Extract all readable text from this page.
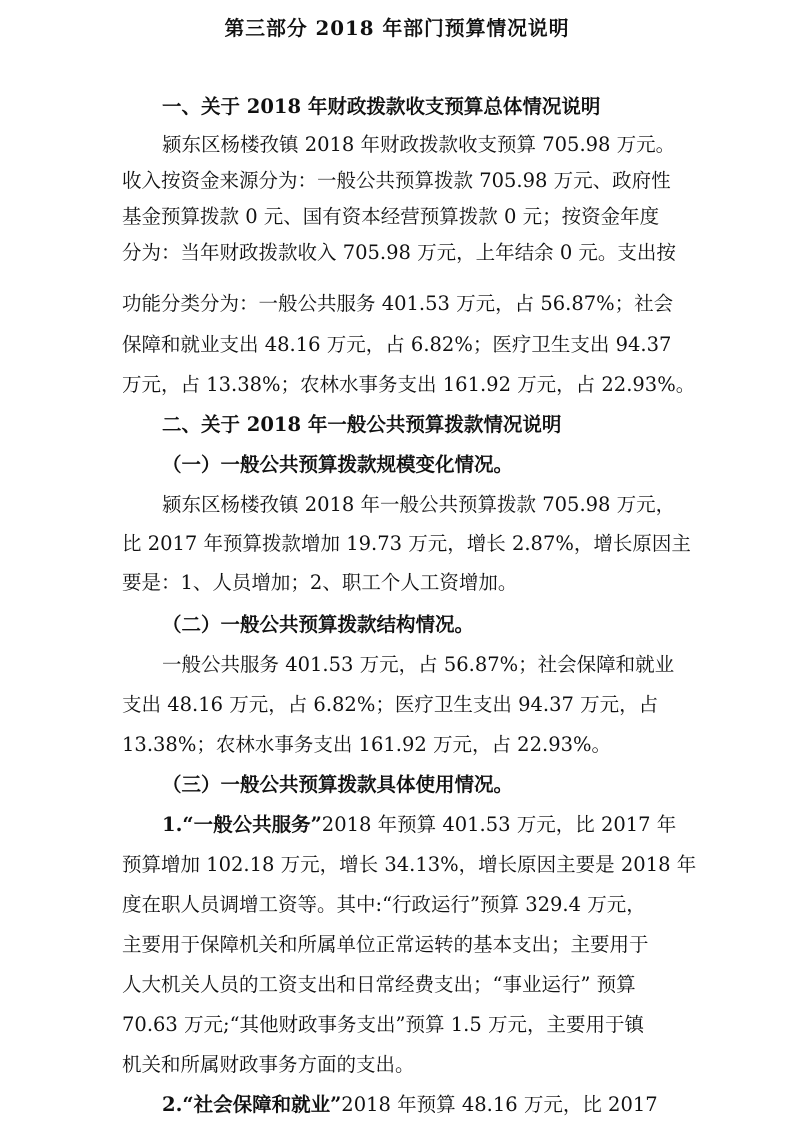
第三部分 2018 年部门预算情况说明
一、关于 2018 年财政拨款收支预算总体情况说明
颍东区杨楼孜镇 2018 年财政拨款收支预算 705.98 万元。
收入按资金来源分为：一般公共预算拨款 705.98 万元、政府性
基金预算拨款 0 元、国有资本经营预算拨款 0 元；按资金年度
分为：当年财政拨款收入 705.98 万元，上年结余 0 元。支出按
功能分类分为：一般公共服务 401.53 万元，占 56.87%；社会
保障和就业支出 48.16 万元，占 6.82%；医疗卫生支出 94.37
万元，占 13.38%；农林水事务支出 161.92 万元，占 22.93%。
二、关于 2018 年一般公共预算拨款情况说明
（一）一般公共预算拨款规模变化情况。
颍东区杨楼孜镇 2018 年一般公共预算拨款 705.98 万元，
比 2017 年预算拨款增加 19.73 万元，增长 2.87%，增长原因主
要是：1、人员增加；2、职工个人工资增加。
（二）一般公共预算拨款结构情况。
一般公共服务 401.53 万元，占 56.87%；社会保障和就业
支出 48.16 万元，占 6.82%；医疗卫生支出 94.37 万元，占
13.38%；农林水事务支出 161.92 万元，占 22.93%。
（三）一般公共预算拨款具体使用情况。
1.“一般公共服务”2018 年预算 401.53 万元，比 2017 年
预算增加 102.18 万元，增长 34.13%，增长原因主要是 2018 年
度在职人员调增工资等。其中:“行政运行”预算 329.4 万元，
主要用于保障机关和所属单位正常运转的基本支出；主要用于
人大机关人员的工资支出和日常经费支出；“事业运行” 预算
70.63 万元;“其他财政事务支出”预算 1.5 万元，主要用于镇
机关和所属财政事务方面的支出。
2.“社会保障和就业”2018 年预算 48.16 万元，比 2017
